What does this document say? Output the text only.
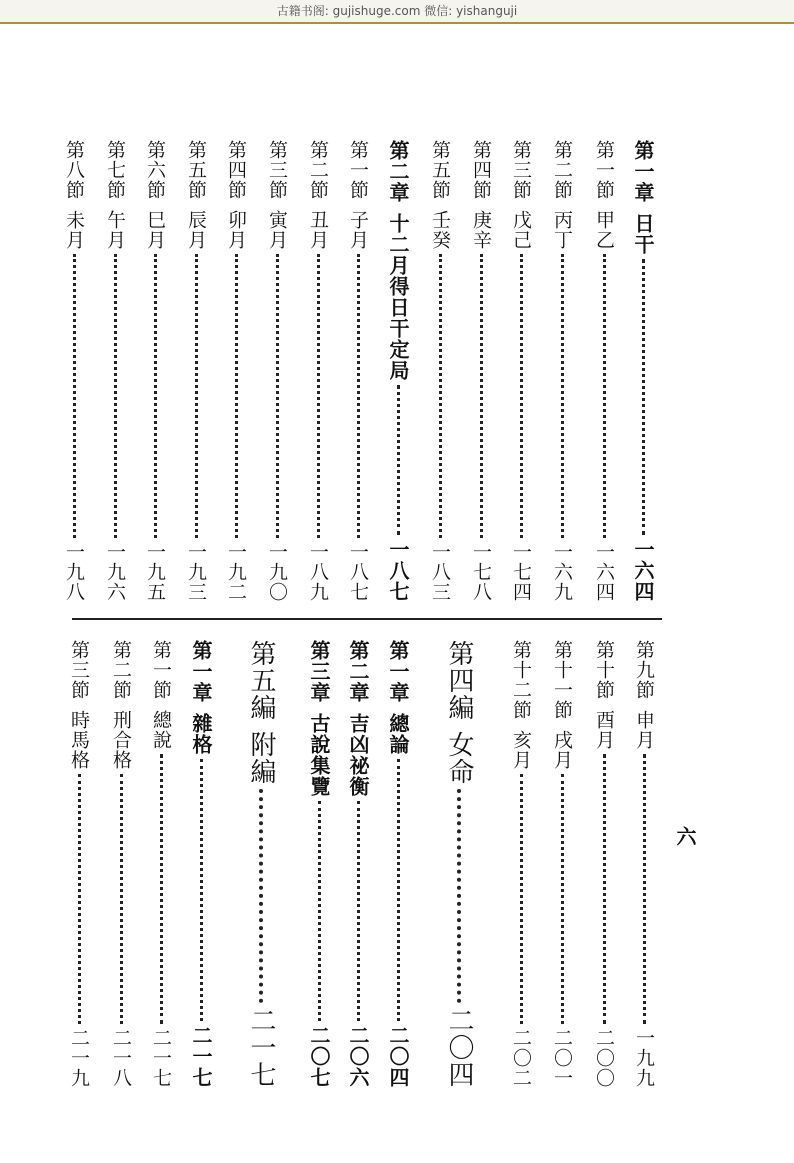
古籍书阁: gujishuge.com 微信: yishanguji
第一章日干一六四
第一節甲乙一六四
第二節丙丁一六九
第三節戊己一七四
第四節庚辛一七八
第五節壬癸一八三
第二章十二月得日干定局一八七
第一節子月一八七
第二節丑月一八九
第三節寅月一九〇
第四節卯月一九二
第五節辰月一九三
第六節巳月一九五
第七節午月一九六
第八節未月一九八
第九節申月一九九
第十節酉月二〇〇
第十一節戌月二〇一
第十二節亥月二〇二
第四編女命二〇四
第一章總論二〇四
第二章吉凶祕衡二〇六
第三章古說集覽二〇七
第五編附編二一七
第一章雜格二一七
第一節總說二一七
第二節刑合格二一八
第三節時馬格二一九
六
